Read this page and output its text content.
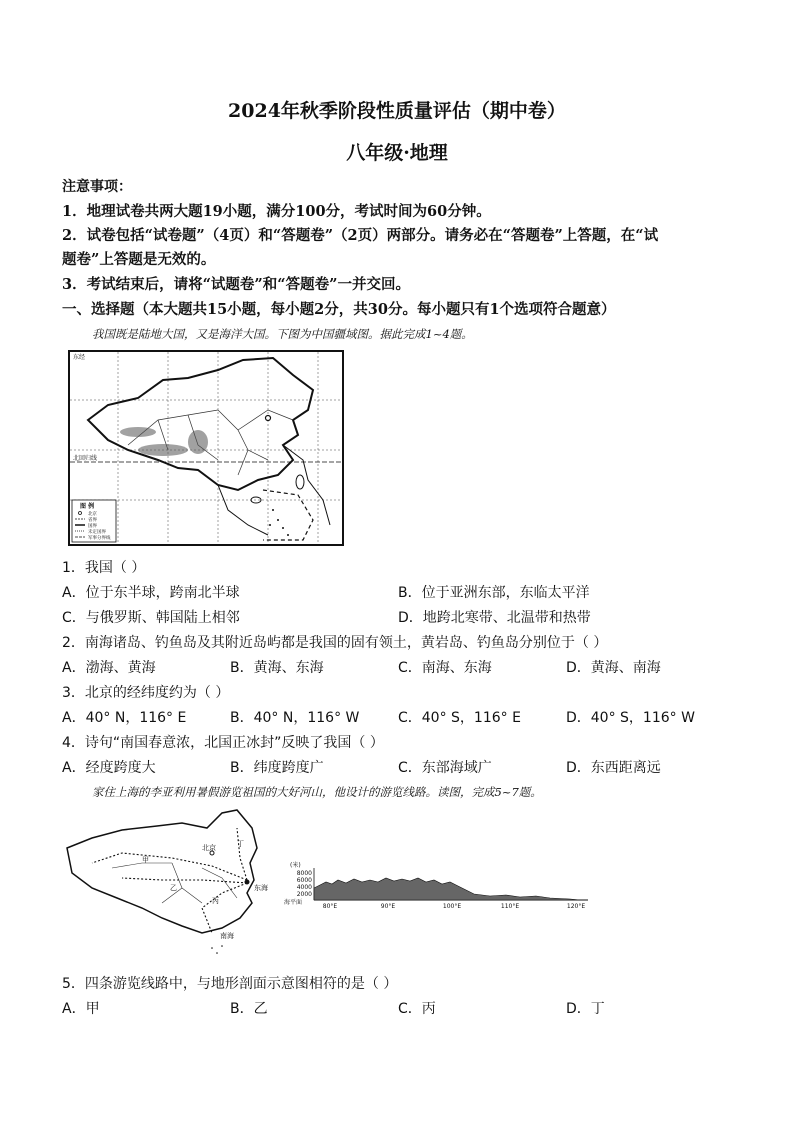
2024年秋季阶段性质量评估（期中卷）
八年级·地理
注意事项：
1．地理试卷共两大题19小题，满分100分，考试时间为60分钟。
2．试卷包括“试卷题”（4页）和“答题卷”（2页）两部分。请务必在“答题卷”上答题，在“试
题卷”上答题是无效的。
3．考试结束后，请将“试题卷”和“答题卷”一并交回。
一、选择题（本大题共15小题，每小题2分，共30分。每小题只有1个选项符合题意）
我国既是陆地大国，又是海洋大国。下图为中国疆域图。据此完成1~4题。
北回归线
东经
图 例
北京
省界
国界
未定国界
军事分界线
1．我国（ ）
A．位于东半球，跨南北半球	B．位于亚洲东部，东临太平洋
C．与俄罗斯、韩国陆上相邻	D．地跨北寒带、北温带和热带
2．南海诸岛、钓鱼岛及其附近岛屿都是我国的固有领土，黄岩岛、钓鱼岛分别位于（ ）
A．渤海、黄海	B．黄海、东海	C．南海、东海	D．黄海、南海
3．北京的经纬度约为（ ）
A．40° N，116° E	B．40° N，116° W	C．40° S，116° E	D．40° S，116° W
4．诗句“南国春意浓，北国正冰封”反映了我国（ ）
A．经度跨度大	B．纬度跨度广	C．东部海域广	D．东西距离远
家住上海的李亚利用暑假游览祖国的大好河山，他设计的游览线路。读图，完成5~7题。
丁
北京
甲
乙
丙
东海
南海
(米)
8000
6000
4000
2000
海平面
80°E	90°E	100°E	110°E	120°E
5．四条游览线路中，与地形剖面示意图相符的是（ ）
A．甲	B．乙	C．丙	D．丁
